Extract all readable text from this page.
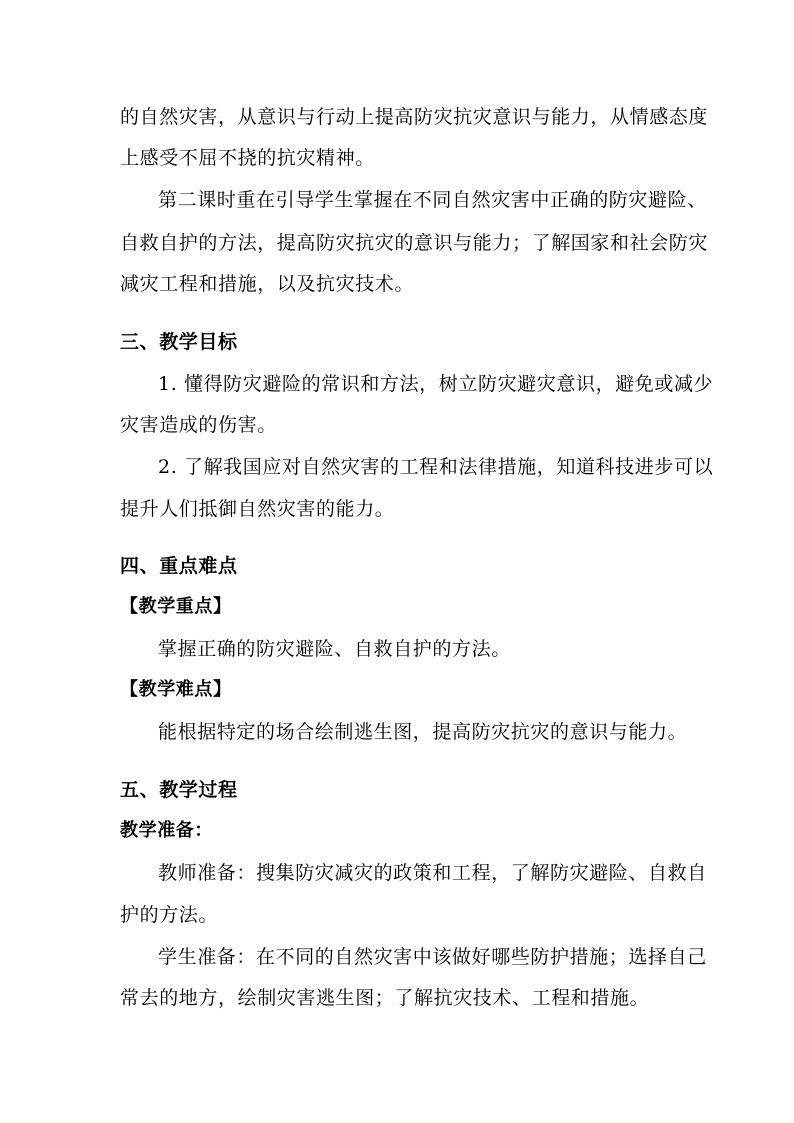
的自然灾害，从意识与行动上提高防灾抗灾意识与能力，从情感态度
上感受不屈不挠的抗灾精神。
第二课时重在引导学生掌握在不同自然灾害中正确的防灾避险、
自救自护的方法，提高防灾抗灾的意识与能力；了解国家和社会防灾
减灾工程和措施，以及抗灾技术。
三、教学目标
1. 懂得防灾避险的常识和方法，树立防灾避灾意识，避免或减少
灾害造成的伤害。
2. 了解我国应对自然灾害的工程和法律措施，知道科技进步可以
提升人们抵御自然灾害的能力。
四、重点难点
【教学重点】
掌握正确的防灾避险、自救自护的方法。
【教学难点】
能根据特定的场合绘制逃生图，提高防灾抗灾的意识与能力。
五、教学过程
教学准备：
教师准备：搜集防灾减灾的政策和工程，了解防灾避险、自救自
护的方法。
学生准备：在不同的自然灾害中该做好哪些防护措施；选择自己
常去的地方，绘制灾害逃生图；了解抗灾技术、工程和措施。
